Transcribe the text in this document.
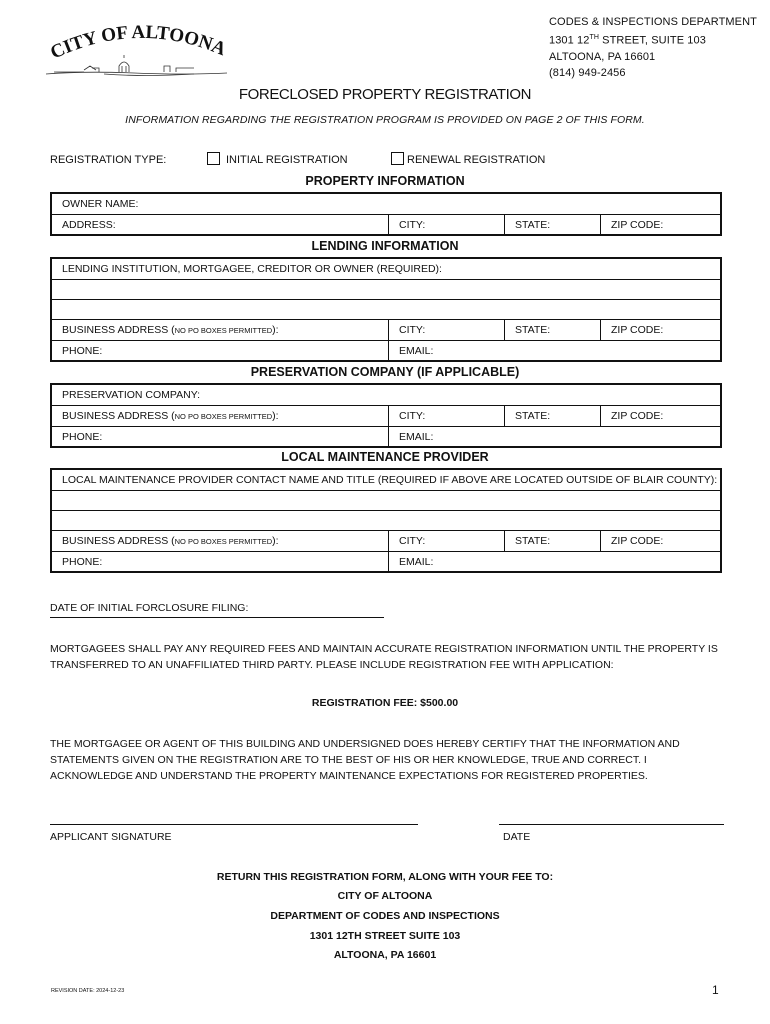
CODES & INSPECTIONS DEPARTMENT
1301 12TH STREET, SUITE 103
ALTOONA, PA 16601
(814) 949-2456
CITY OF ALTOONA
FORECLOSED PROPERTY REGISTRATION
INFORMATION REGARDING THE REGISTRATION PROGRAM IS PROVIDED ON PAGE 2 OF THIS FORM.
REGISTRATION TYPE:	INITIAL REGISTRATION	RENEWAL REGISTRATION
PROPERTY INFORMATION
OWNER NAME:
ADDRESS:	CITY:	STATE:	ZIP CODE:
LENDING INFORMATION
LENDING INSTITUTION, MORTGAGEE, CREDITOR OR OWNER (REQUIRED):
BUSINESS ADDRESS (NO PO BOXES PERMITTED):	CITY:	STATE:	ZIP CODE:
PHONE:	EMAIL:
PRESERVATION COMPANY (IF APPLICABLE)
PRESERVATION COMPANY:
BUSINESS ADDRESS (NO PO BOXES PERMITTED):	CITY:	STATE:	ZIP CODE:
PHONE:	EMAIL:
LOCAL MAINTENANCE PROVIDER
LOCAL MAINTENANCE PROVIDER CONTACT NAME AND TITLE (REQUIRED IF ABOVE ARE LOCATED OUTSIDE OF BLAIR COUNTY):
BUSINESS ADDRESS (NO PO BOXES PERMITTED):	CITY:	STATE:	ZIP CODE:
PHONE:	EMAIL:
DATE OF INITIAL FORCLOSURE FILING:
MORTGAGEES SHALL PAY ANY REQUIRED FEES AND MAINTAIN ACCURATE REGISTRATION INFORMATION UNTIL THE PROPERTY IS TRANSFERRED TO AN UNAFFILIATED THIRD PARTY. PLEASE INCLUDE REGISTRATION FEE WITH APPLICATION:
REGISTRATION FEE: $500.00
THE MORTGAGEE OR AGENT OF THIS BUILDING AND UNDERSIGNED DOES HEREBY CERTIFY THAT THE INFORMATION AND STATEMENTS GIVEN ON THE REGISTRATION ARE TO THE BEST OF HIS OR HER KNOWLEDGE, TRUE AND CORRECT. I ACKNOWLEDGE AND UNDERSTAND THE PROPERTY MAINTENANCE EXPECTATIONS FOR REGISTERED PROPERTIES.
APPLICANT SIGNATURE	DATE
RETURN THIS REGISTRATION FORM, ALONG WITH YOUR FEE TO:
CITY OF ALTOONA
DEPARTMENT OF CODES AND INSPECTIONS
1301 12TH STREET SUITE 103
ALTOONA, PA 16601
REVISION DATE: 2024-12-23	1
